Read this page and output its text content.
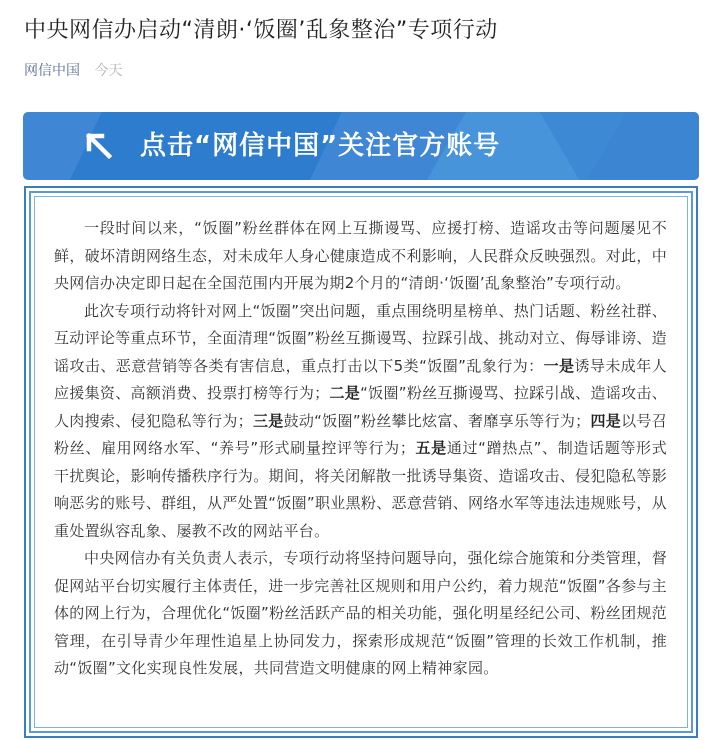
中央网信办启动“清朗·‘饭圈’乱象整治”专项行动
网信中国 今天
点击“网信中国”关注官方账号

一段时间以来，“饭圈”粉丝群体在网上互撕谩骂、应援打榜、造谣攻击等问题屡见不鲜，破坏清朗网络生态，对未成年人身心健康造成不利影响，人民群众反映强烈。对此，中央网信办决定即日起在全国范围内开展为期2个月的“清朗·‘饭圈’乱象整治”专项行动。

此次专项行动将针对网上“饭圈”突出问题，重点围绕明星榜单、热门话题、粉丝社群、互动评论等重点环节，全面清理“饭圈”粉丝互撕谩骂、拉踩引战、挑动对立、侮辱诽谤、造谣攻击、恶意营销等各类有害信息，重点打击以下5类“饭圈”乱象行为：一是诱导未成年人应援集资、高额消费、投票打榜等行为；二是“饭圈”粉丝互撕谩骂、拉踩引战、造谣攻击、人肉搜索、侵犯隐私等行为；三是鼓动“饭圈”粉丝攀比炫富、奢靡享乐等行为；四是以号召粉丝、雇用网络水军、“养号”形式刷量控评等行为；五是通过“蹭热点”、制造话题等形式干扰舆论，影响传播秩序行为。期间，将关闭解散一批诱导集资、造谣攻击、侵犯隐私等影响恶劣的账号、群组，从严处置“饭圈”职业黑粉、恶意营销、网络水军等违法违规账号，从重处置纵容乱象、屡教不改的网站平台。

中央网信办有关负责人表示，专项行动将坚持问题导向，强化综合施策和分类管理，督促网站平台切实履行主体责任，进一步完善社区规则和用户公约，着力规范“饭圈”各参与主体的网上行为，合理优化“饭圈”粉丝活跃产品的相关功能，强化明星经纪公司、粉丝团规范管理，在引导青少年理性追星上协同发力，探索形成规范“饭圈”管理的长效工作机制，推动“饭圈”文化实现良性发展，共同营造文明健康的网上精神家园。
